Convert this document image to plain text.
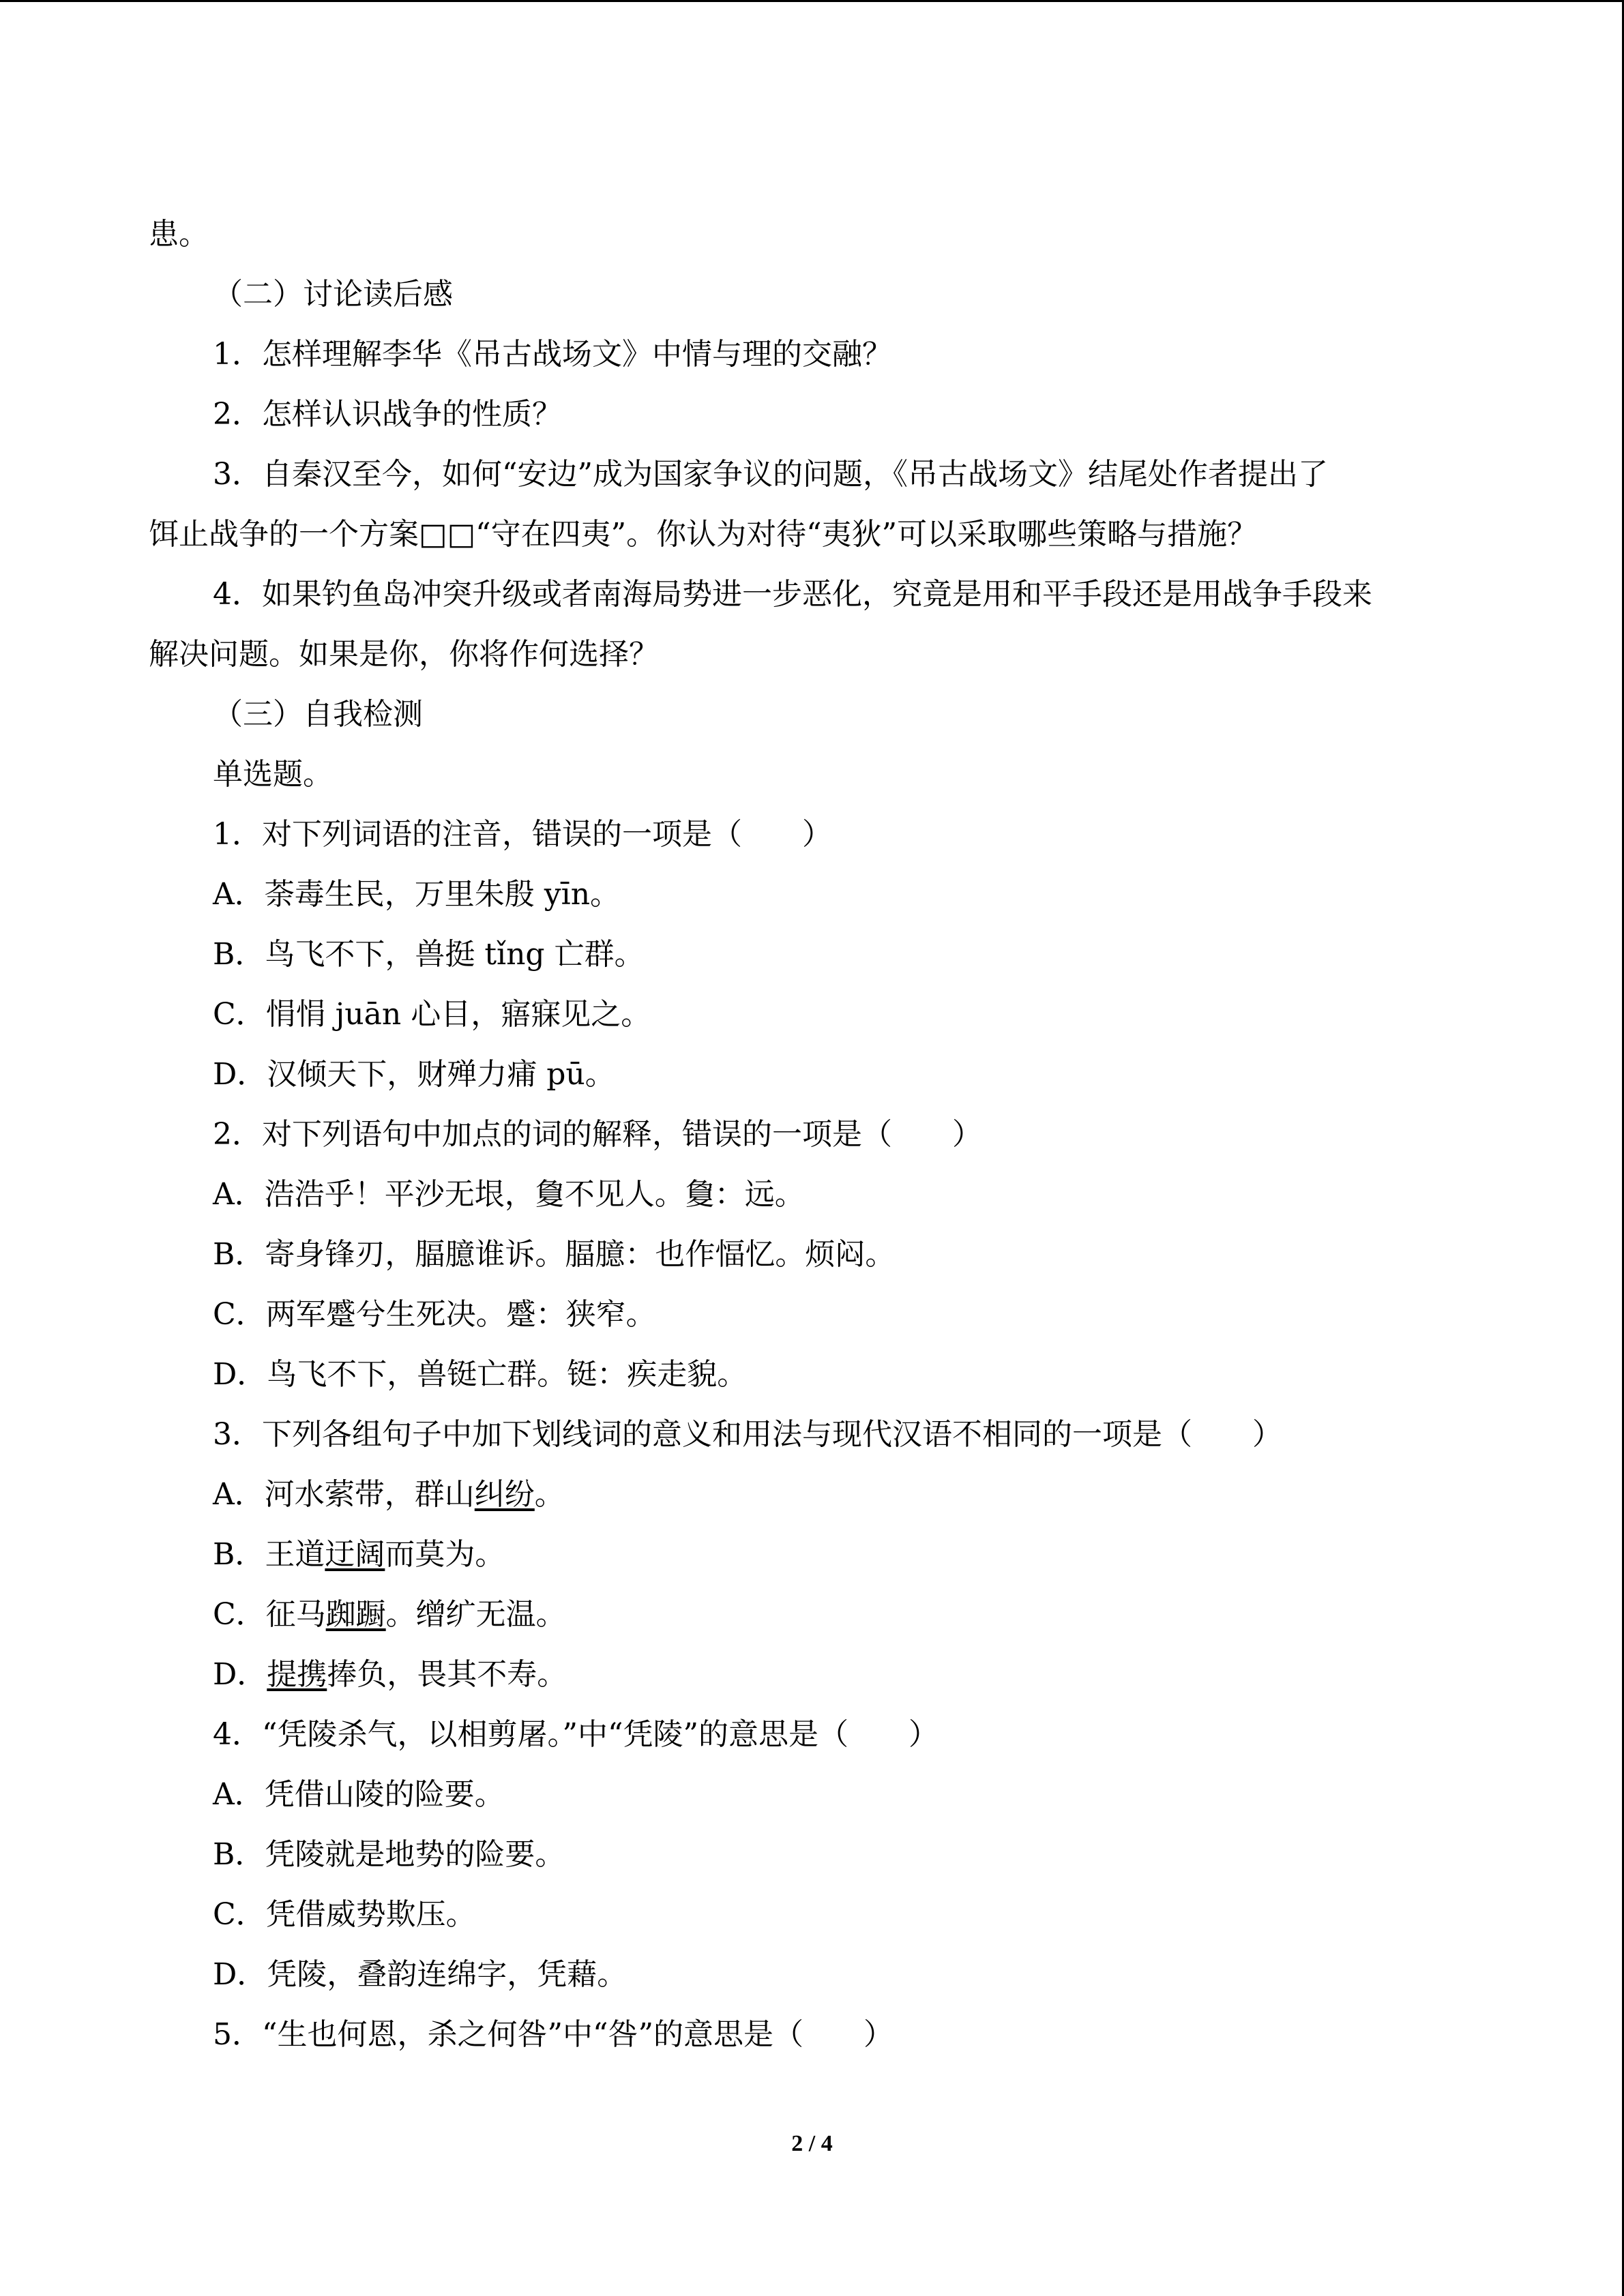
患。
（二）讨论读后感
1．怎样理解李华《吊古战场文》中情与理的交融？
2．怎样认识战争的性质？
3．自秦汉至今，如何“安边”成为国家争议的问题，《吊古战场文》结尾处作者提出了
饵止战争的一个方案□□“守在四夷”。你认为对待“夷狄”可以采取哪些策略与措施？
4．如果钓鱼岛冲突升级或者南海局势进一步恶化，究竟是用和平手段还是用战争手段来
解决问题。如果是你，你将作何选择？
（三）自我检测
单选题。
1．对下列词语的注音，错误的一项是（　　）
A．荼毒生民，万里朱殷 yīn。
B．鸟飞不下，兽挺 tǐng 亡群。
C．悁悁 juān 心目，寤寐见之。
D．汉倾天下，财殚力痡 pū。
2．对下列语句中加点的词的解释，错误的一项是（　　）
A．浩浩乎！平沙无垠，敻不见人。敻：远。
B．寄身锋刃，腷臆谁诉。腷臆：也作愊忆。烦闷。
C．两军蹙兮生死决。蹙：狭窄。
D．鸟飞不下，兽铤亡群。铤：疾走貌。
3．下列各组句子中加下划线词的意义和用法与现代汉语不相同的一项是（　　）
A．河水萦带，群山纠纷。
B．王道迂阔而莫为。
C．征马踟蹰。缯纩无温。
D．提携捧负，畏其不寿。
4．“凭陵杀气，以相剪屠。”中“凭陵”的意思是（　　）
A．凭借山陵的险要。
B．凭陵就是地势的险要。
C．凭借威势欺压。
D．凭陵，叠韵连绵字，凭藉。
5．“生也何恩，杀之何咎”中“咎”的意思是（　　）
2 / 4
